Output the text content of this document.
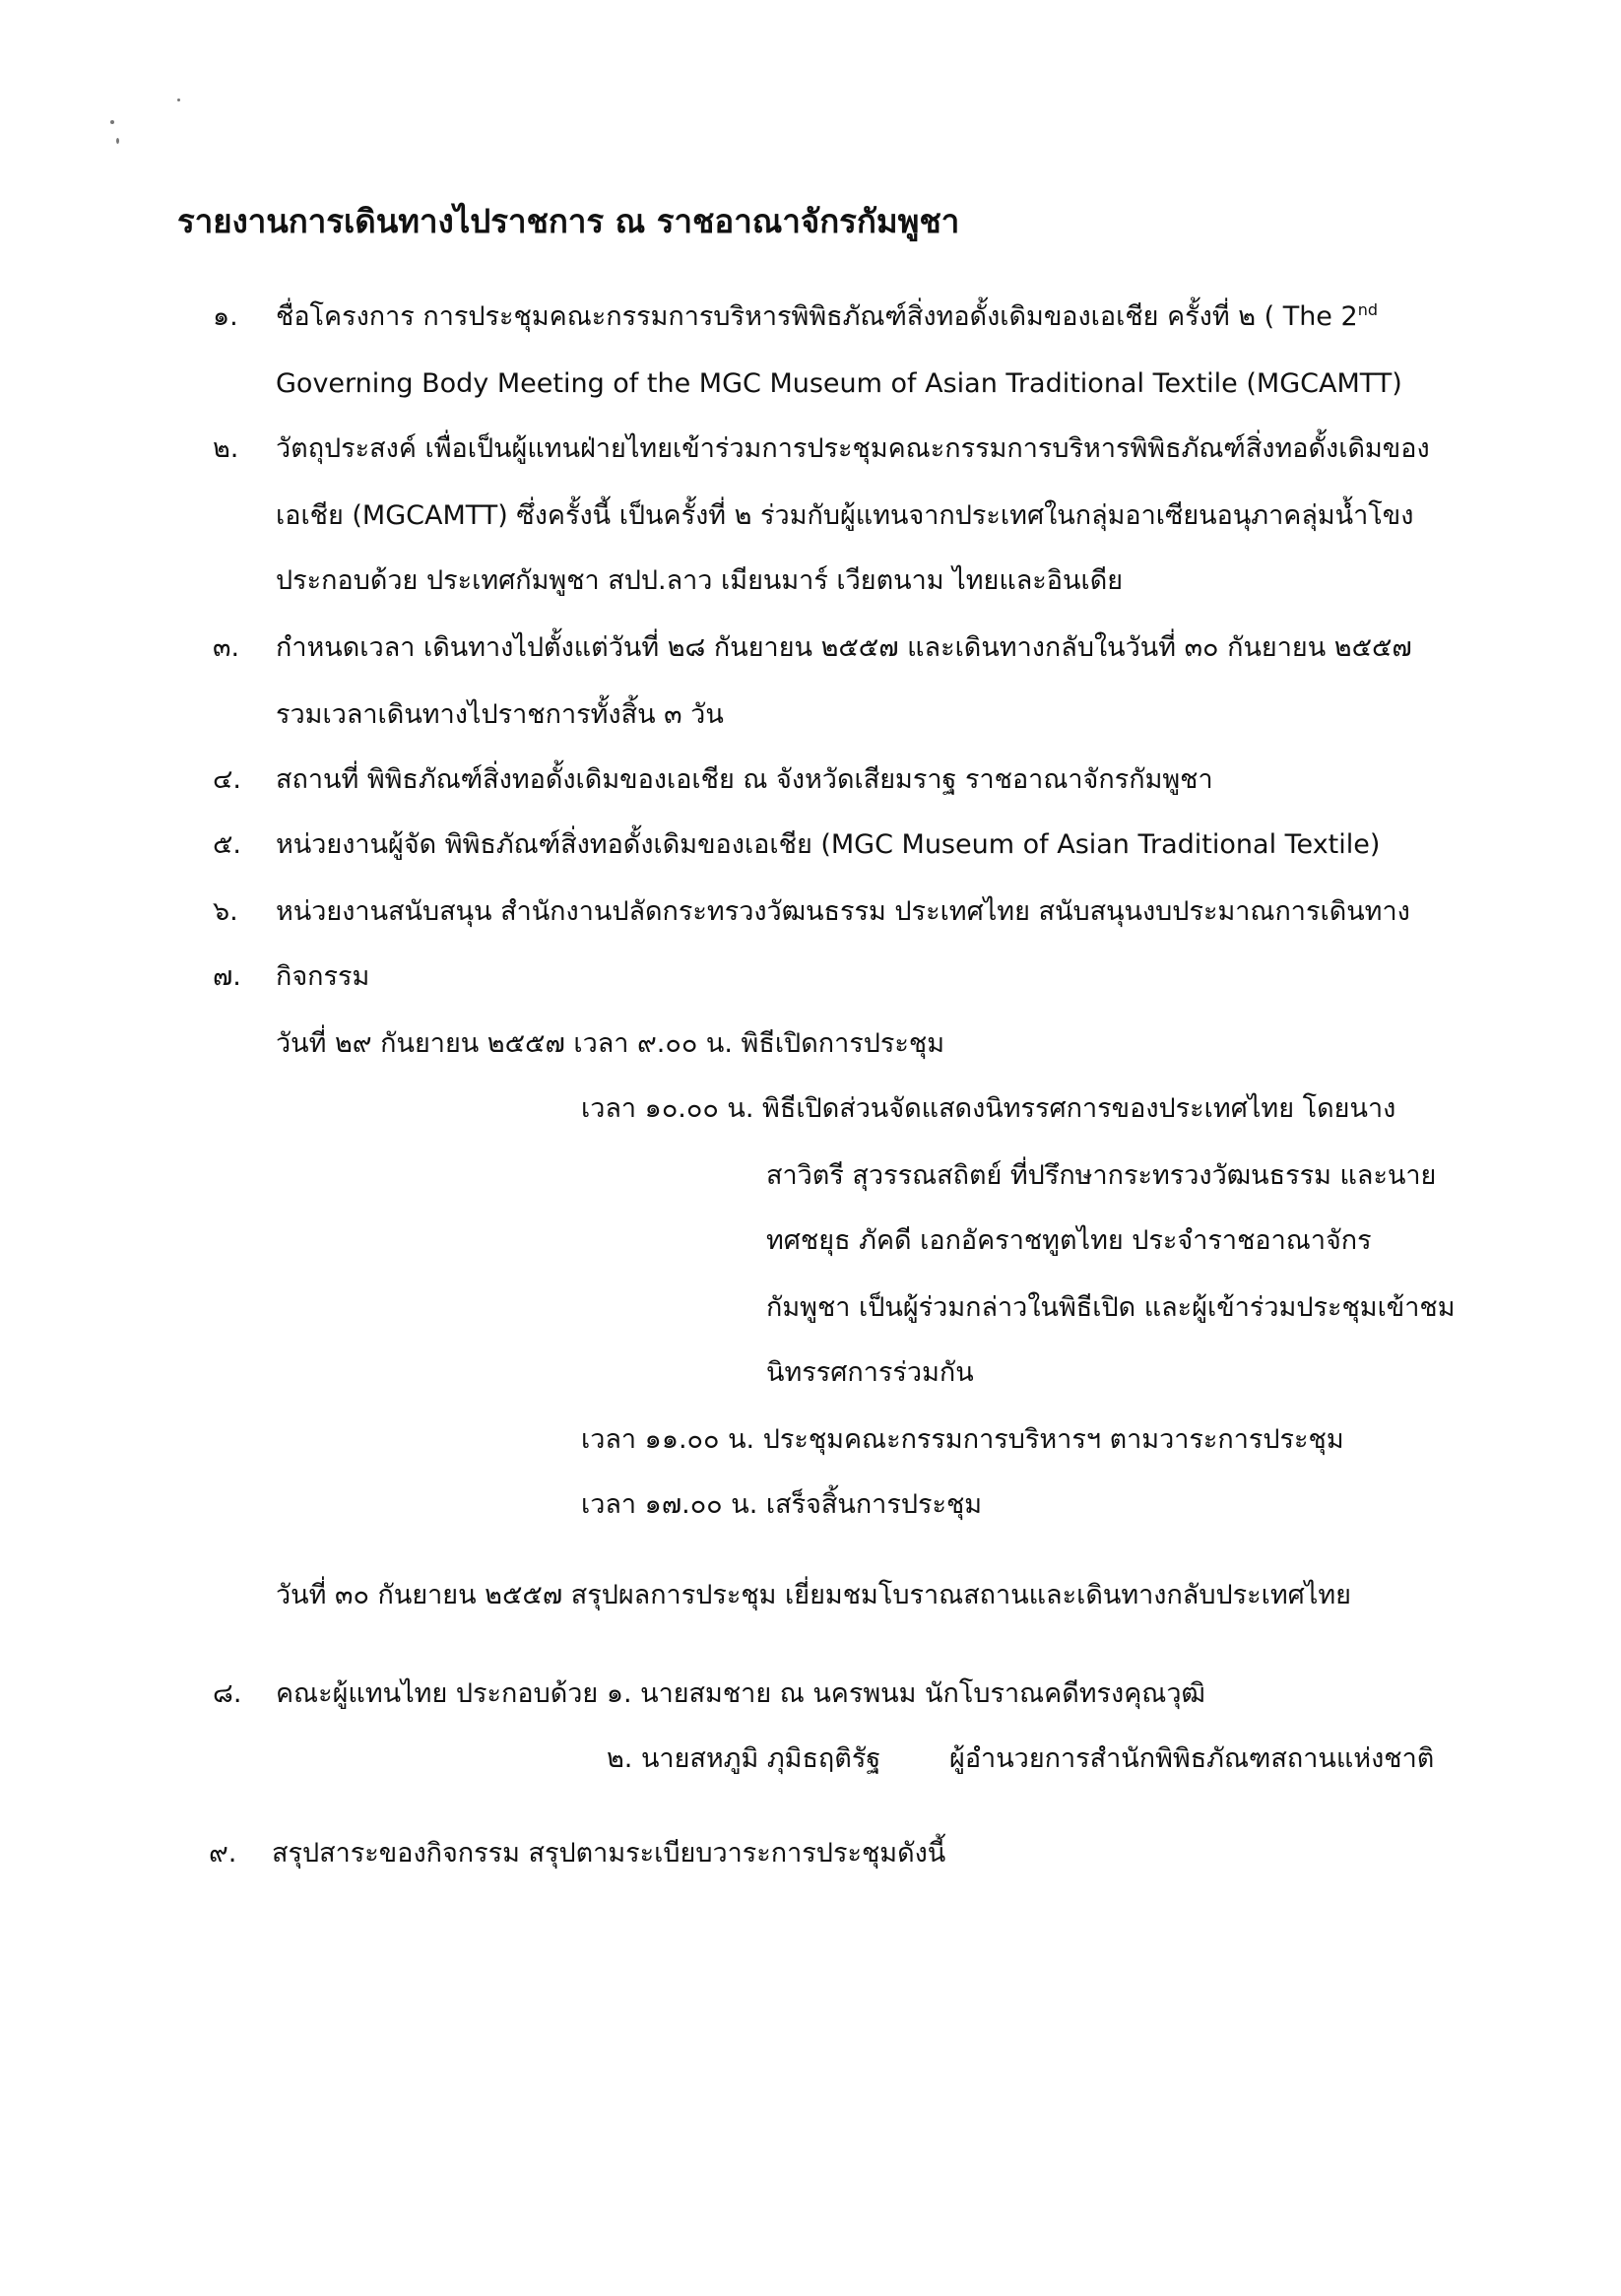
รายงานการเดินทางไปราชการ ณ ราชอาณาจักรกัมพูชา
๑. ชื่อโครงการ การประชุมคณะกรรมการบริหารพิพิธภัณฑ์สิ่งทอดั้งเดิมของเอเชีย ครั้งที่ ๒ ( The 2nd
Governing Body Meeting of the MGC Museum of Asian Traditional Textile (MGCAMTT)
๒. วัตถุประสงค์ เพื่อเป็นผู้แทนฝ่ายไทยเข้าร่วมการประชุมคณะกรรมการบริหารพิพิธภัณฑ์สิ่งทอดั้งเดิมของ
เอเชีย (MGCAMTT) ซึ่งครั้งนี้ เป็นครั้งที่ ๒ ร่วมกับผู้แทนจากประเทศในกลุ่มอาเซียนอนุภาคลุ่มน้ำโขง
ประกอบด้วย ประเทศกัมพูชา สปป.ลาว เมียนมาร์ เวียตนาม ไทยและอินเดีย
๓. กำหนดเวลา เดินทางไปตั้งแต่วันที่ ๒๘ กันยายน ๒๕๕๗ และเดินทางกลับในวันที่ ๓๐ กันยายน ๒๕๕๗
รวมเวลาเดินทางไปราชการทั้งสิ้น ๓ วัน
๔. สถานที่ พิพิธภัณฑ์สิ่งทอดั้งเดิมของเอเชีย ณ จังหวัดเสียมราฐ ราชอาณาจักรกัมพูชา
๕. หน่วยงานผู้จัด พิพิธภัณฑ์สิ่งทอดั้งเดิมของเอเชีย (MGC Museum of Asian Traditional Textile)
๖. หน่วยงานสนับสนุน สำนักงานปลัดกระทรวงวัฒนธรรม ประเทศไทย สนับสนุนงบประมาณการเดินทาง
๗. กิจกรรม
วันที่ ๒๙ กันยายน ๒๕๕๗ เวลา ๙.๐๐ น. พิธีเปิดการประชุม
เวลา ๑๐.๐๐ น. พิธีเปิดส่วนจัดแสดงนิทรรศการของประเทศไทย โดยนาง
สาวิตรี สุวรรณสถิตย์ ที่ปรึกษากระทรวงวัฒนธรรม และนาย
ทศชยุธ ภัคดี เอกอัคราชทูตไทย ประจำราชอาณาจักร
กัมพูชา เป็นผู้ร่วมกล่าวในพิธีเปิด และผู้เข้าร่วมประชุมเข้าชม
นิทรรศการร่วมกัน
เวลา ๑๑.๐๐ น. ประชุมคณะกรรมการบริหารฯ ตามวาระการประชุม
เวลา ๑๗.๐๐ น. เสร็จสิ้นการประชุม
วันที่ ๓๐ กันยายน ๒๕๕๗ สรุปผลการประชุม เยี่ยมชมโบราณสถานและเดินทางกลับประเทศไทย
๘. คณะผู้แทนไทย ประกอบด้วย ๑. นายสมชาย ณ นครพนม นักโบราณคดีทรงคุณวุฒิ
๒. นายสหภูมิ ภุมิธฤติรัฐ	ผู้อำนวยการสำนักพิพิธภัณฑสถานแห่งชาติ
๙. สรุปสาระของกิจกรรม สรุปตามระเบียบวาระการประชุมดังนี้
